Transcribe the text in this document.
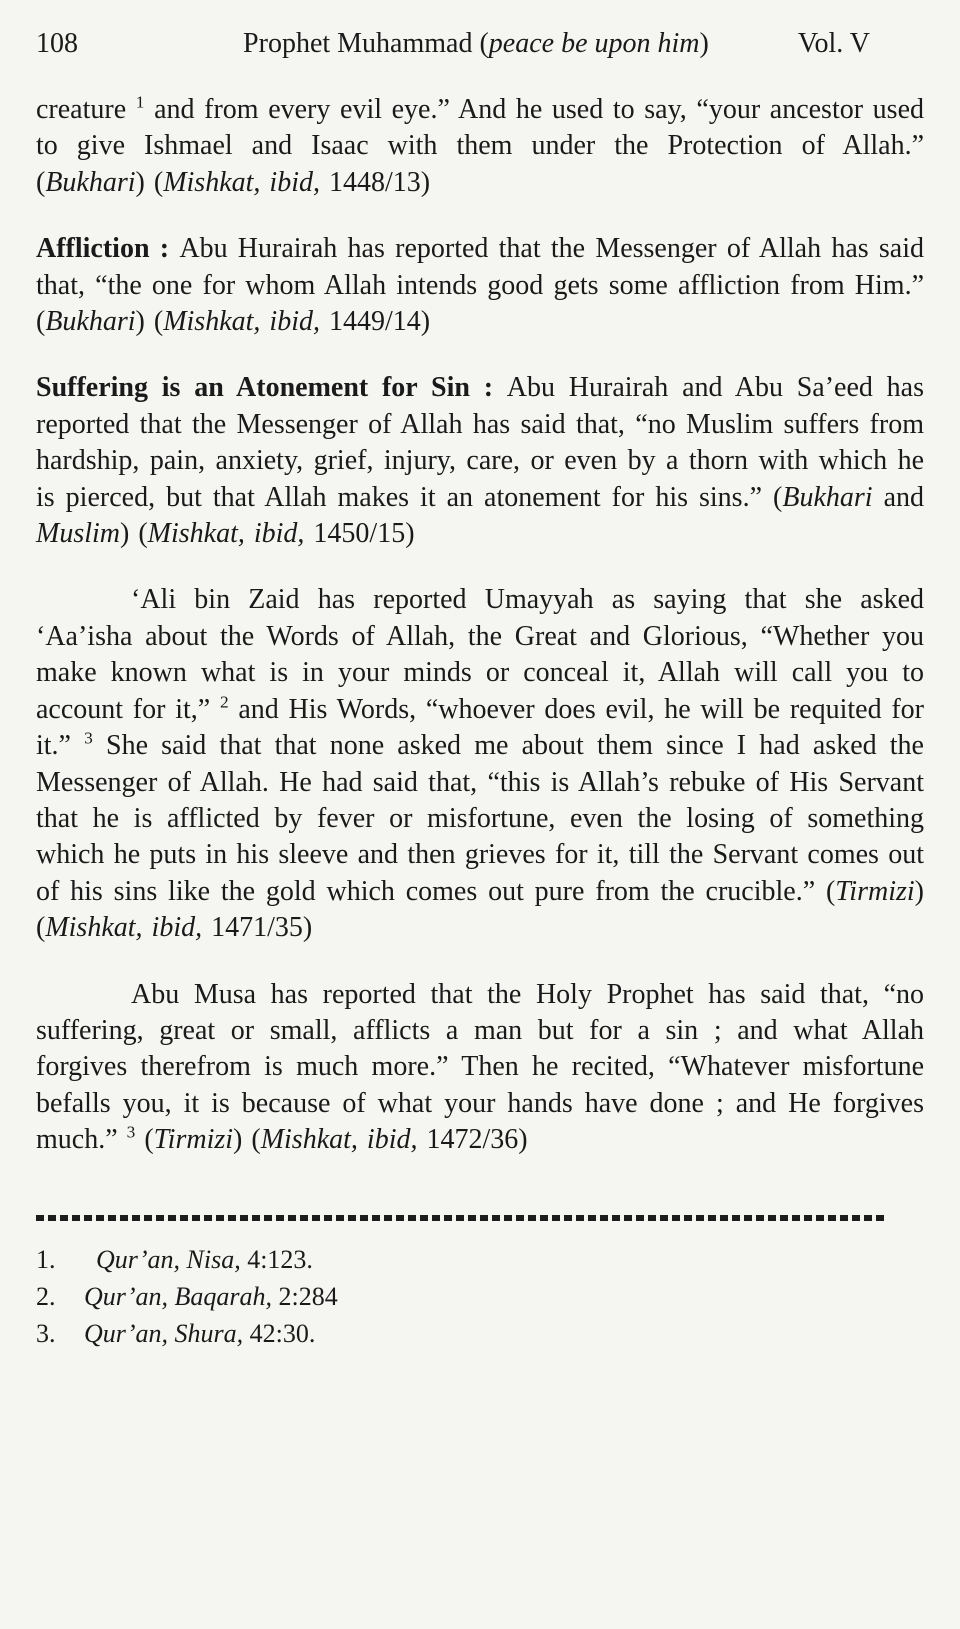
108	Prophet Muhammad (peace be upon him)	Vol. V

creature $^1$ and from every evil eye.” And he used to say, “your ancestor used to give Ishmael and Isaac with them under the Protection of Allah.” (Bukhari) (Mishkat, ibid, 1448/13)

Affliction : Abu Hurairah has reported that the Messenger of Allah has said that, “the one for whom Allah intends good gets some affliction from Him.” (Bukhari) (Mishkat, ibid, 1449/14)

Suffering is an Atonement for Sin : Abu Hurairah and Abu Sa’eed has reported that the Messenger of Allah has said that, “no Muslim suffers from hardship, pain, anxiety, grief, injury, care, or even by a thorn with which he is pierced, but that Allah makes it an atonement for his sins.” (Bukhari and Muslim) (Mishkat, ibid, 1450/15)

‘Ali bin Zaid has reported Umayyah as saying that she asked ‘Aa’isha about the Words of Allah, the Great and Glorious, “Whether you make known what is in your minds or conceal it, Allah will call you to account for it,” $^2$ and His Words, “whoever does evil, he will be requited for it.” $^3$ She said that that none asked me about them since I had asked the Messenger of Allah. He had said that, “this is Allah’s rebuke of His Servant that he is afflicted by fever or misfortune, even the losing of something which he puts in his sleeve and then grieves for it, till the Servant comes out of his sins like the gold which comes out pure from the crucible.” (Tirmizi) (Mishkat, ibid, 1471/35)

Abu Musa has reported that the Holy Prophet has said that, “no suffering, great or small, afflicts a man but for a sin ; and what Allah forgives therefrom is much more.” Then he recited, “Whatever misfortune befalls you, it is because of what your hands have done ; and He forgives much.” $^3$ (Tirmizi) (Mishkat, ibid, 1472/36)

1.	Qur’an, Nisa, 4:123.
2.	Qur’an, Baqarah, 2:284
3.	Qur’an, Shura, 42:30.
